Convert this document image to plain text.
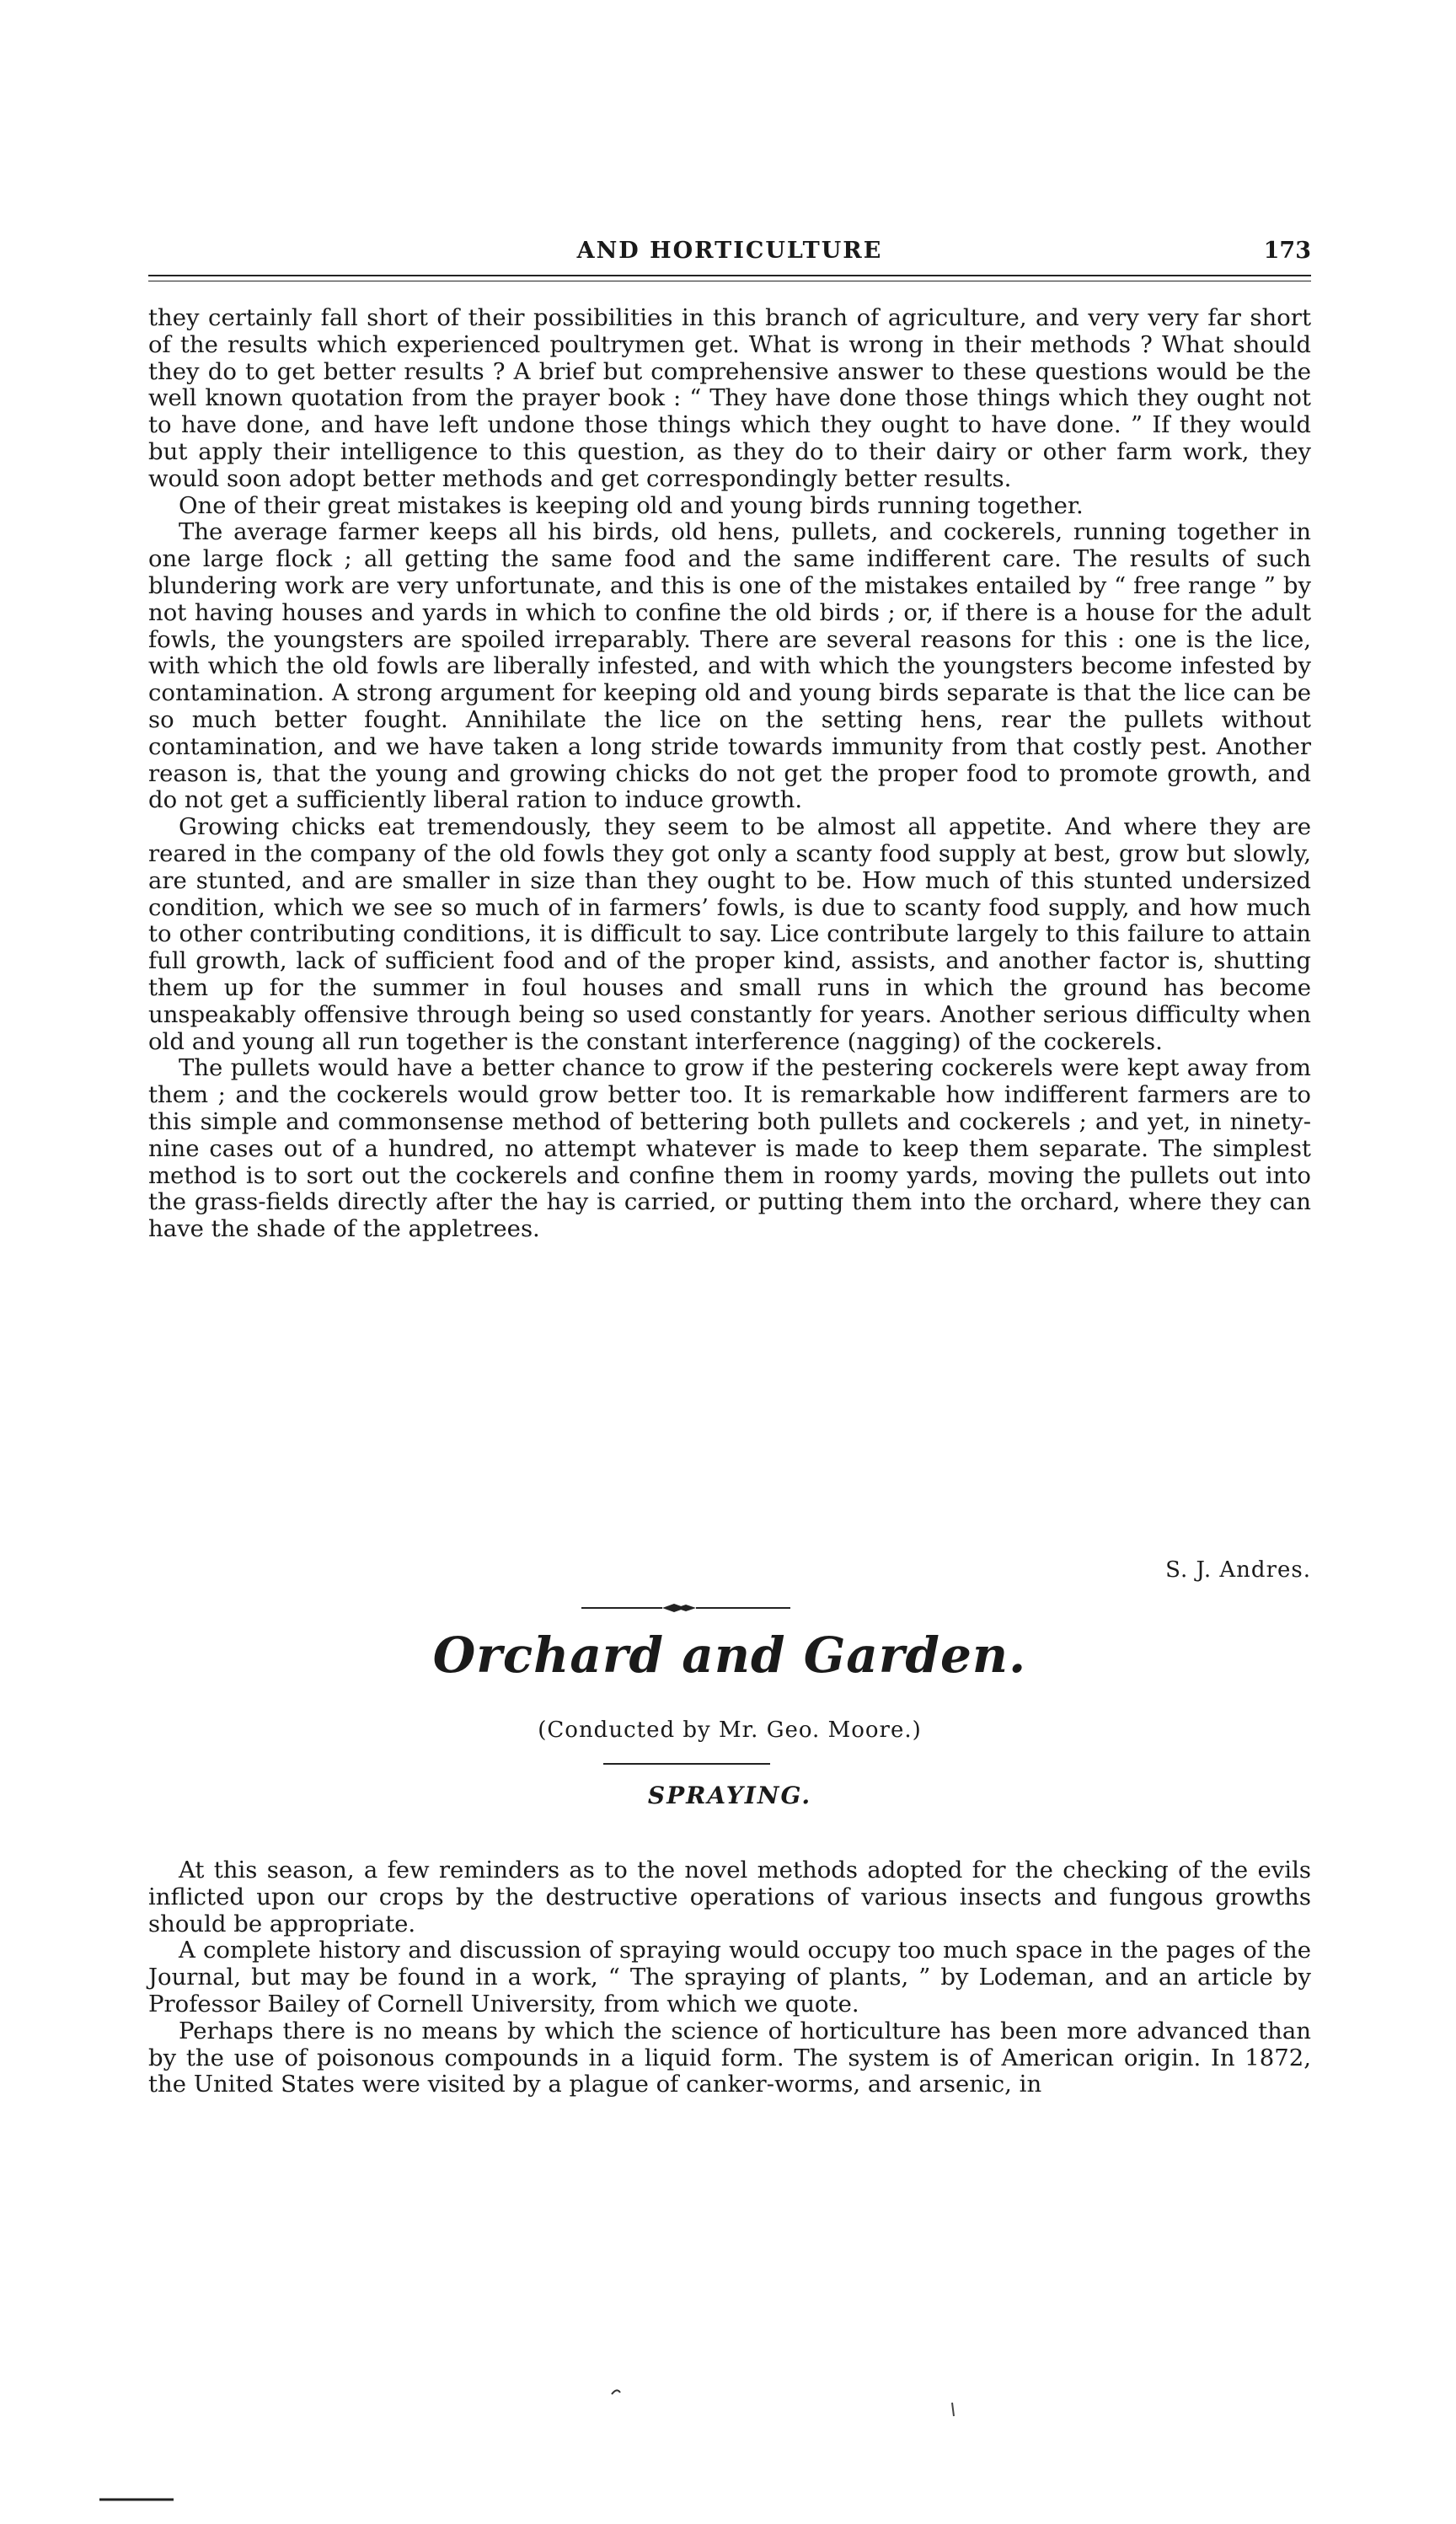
AND HORTICULTURE	173

they certainly fall short of their possibilities in this branch of agriculture, and very very far short of the results which experienced poultrymen get. What is wrong in their methods ? What should they do to get better results ? A brief but comprehensive answer to these questions would be the well known quotation from the prayer book : “ They have done those things which they ought not to have done, and have left undone those things which they ought to have done. ” If they would but apply their intelligence to this question, as they do to their dairy or other farm work, they would soon adopt better methods and get correspondingly better results.

One of their great mistakes is keeping old and young birds running together.

The average farmer keeps all his birds, old hens, pullets, and cockerels, running together in one large flock ; all getting the same food and the same indifferent care. The results of such blundering work are very unfortunate, and this is one of the mistakes entailed by “ free range ” by not having houses and yards in which to confine the old birds ; or, if there is a house for the adult fowls, the youngsters are spoiled irreparably. There are several reasons for this : one is the lice, with which the old fowls are liberally infested, and with which the youngsters become infested by contamination. A strong argument for keeping old and young birds separate is that the lice can be so much better fought. Annihilate the lice on the setting hens, rear the pullets without contamination, and we have taken a long stride towards immunity from that costly pest. Another reason is, that the young and growing chicks do not get the proper food to promote growth, and do not get a sufficiently liberal ration to induce growth.

Growing chicks eat tremendously, they seem to be almost all appetite. And where they are reared in the company of the old fowls they got only a scanty food supply at best, grow but slowly, are stunted, and are smaller in size than they ought to be. How much of this stunted undersized condition, which we see so much of in farmers’ fowls, is due to scanty food supply, and how much to other contributing conditions, it is difficult to say. Lice contribute largely to this failure to attain full growth, lack of sufficient food and of the proper kind, assists, and another factor is, shutting them up for the summer in foul houses and small runs in which the ground has become unspeakably offensive through being so used constantly for years. Another serious difficulty when old and young all run together is the constant interference (nagging) of the cockerels.

The pullets would have a better chance to grow if the pestering cockerels were kept away from them ; and the cockerels would grow better too. It is remarkable how indifferent farmers are to this simple and commonsense method of bettering both pullets and cockerels ; and yet, in ninety-nine cases out of a hundred, no attempt whatever is made to keep them separate. The simplest method is to sort out the cockerels and confine them in roomy yards, moving the pullets out into the grass-fields directly after the hay is carried, or putting them into the orchard, where they can have the shade of the appletrees.

S. J. Andres.
Orchard and Garden.
(Conducted by Mr. Geo. Moore.)
SPRAYING.

At this season, a few reminders as to the novel methods adopted for the checking of the evils inflicted upon our crops by the destructive operations of various insects and fungous growths should be appropriate.

A complete history and discussion of spraying would occupy too much space in the pages of the Journal, but may be found in a work, “ The spraying of plants, ” by Lodeman, and an article by Professor Bailey of Cornell University, from which we quote.

Perhaps there is no means by which the science of horticulture has been more advanced than by the use of poisonous compounds in a liquid form. The system is of American origin. In 1872, the United States were visited by a plague of canker-worms, and arsenic, in
